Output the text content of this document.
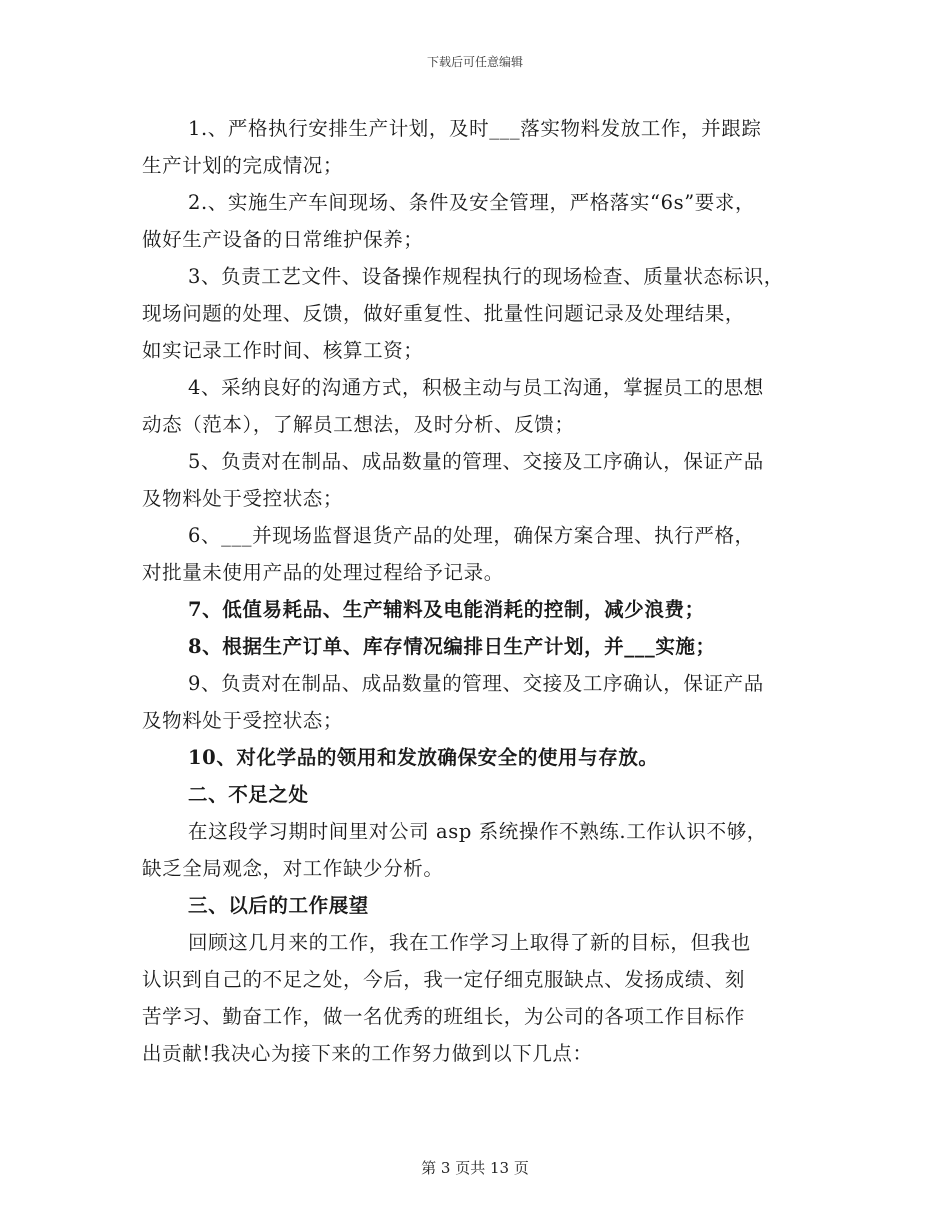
下载后可任意编辑
1.、严格执行安排生产计划，及时___落实物料发放工作，并跟踪
生产计划的完成情况；
2.、实施生产车间现场、条件及安全管理，严格落实“6s”要求，
做好生产设备的日常维护保养；
3、负责工艺文件、设备操作规程执行的现场检查、质量状态标识，
现场问题的处理、反馈，做好重复性、批量性问题记录及处理结果，
如实记录工作时间、核算工资；
4、采纳良好的沟通方式，积极主动与员工沟通，掌握员工的思想
动态（范本），了解员工想法，及时分析、反馈；
5、负责对在制品、成品数量的管理、交接及工序确认，保证产品
及物料处于受控状态；
6、___并现场监督退货产品的处理，确保方案合理、执行严格，
对批量未使用产品的处理过程给予记录。
7、低值易耗品、生产辅料及电能消耗的控制，减少浪费；
8、根据生产订单、库存情况编排日生产计划，并___实施；
9、负责对在制品、成品数量的管理、交接及工序确认，保证产品
及物料处于受控状态；
10、对化学品的领用和发放确保安全的使用与存放。
二、不足之处
在这段学习期时间里对公司 asp 系统操作不熟练.工作认识不够，
缺乏全局观念，对工作缺少分析。
三、以后的工作展望
回顾这几月来的工作，我在工作学习上取得了新的目标，但我也
认识到自己的不足之处，今后，我一定仔细克服缺点、发扬成绩、刻
苦学习、勤奋工作，做一名优秀的班组长，为公司的各项工作目标作
出贡献!我决心为接下来的工作努力做到以下几点：
第 3 页共 13 页
